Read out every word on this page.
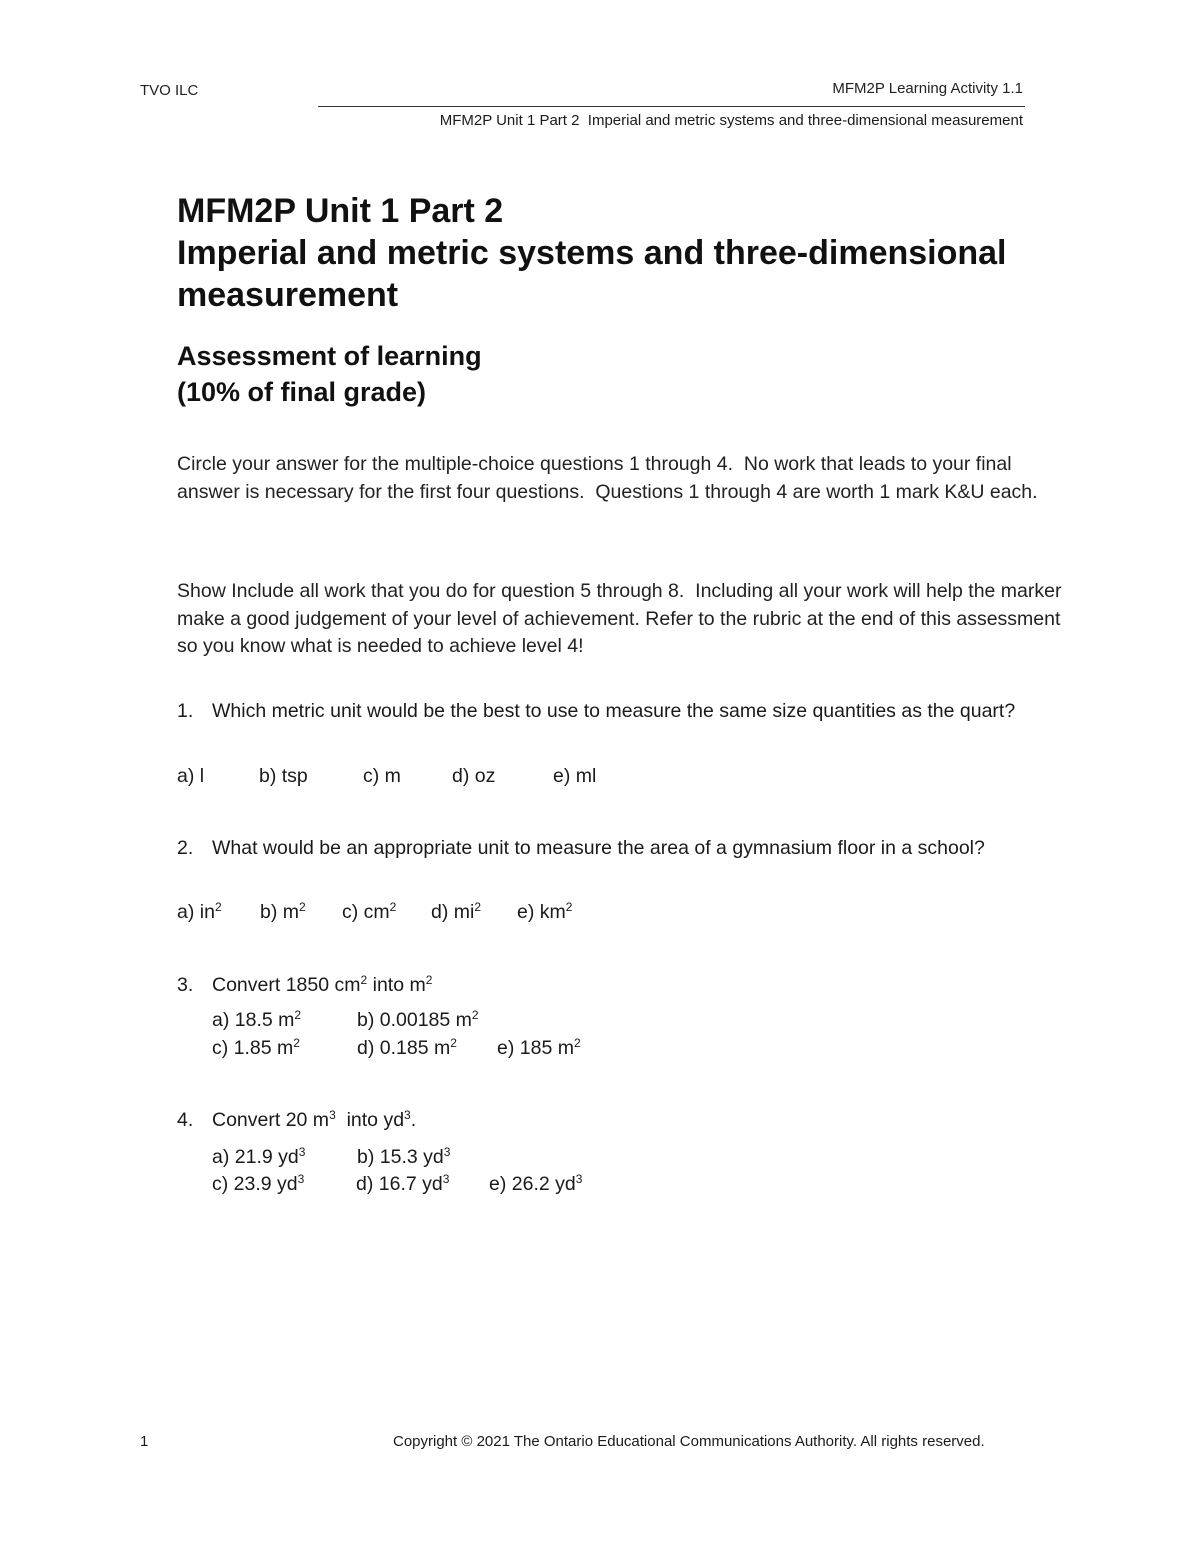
TVO ILC	MFM2P Learning Activity 1.1
MFM2P Unit 1 Part 2  Imperial and metric systems and three-dimensional measurement
MFM2P Unit 1 Part 2
Imperial and metric systems and three-dimensional
measurement
Assessment of learning
(10% of final grade)
Circle your answer for the multiple-choice questions 1 through 4.  No work that leads to your final answer is necessary for the first four questions.  Questions 1 through 4 are worth 1 mark K&U each.
Show Include all work that you do for question 5 through 8.  Including all your work will help the marker make a good judgement of your level of achievement. Refer to the rubric at the end of this assessment so you know what is needed to achieve level 4!
1. Which metric unit would be the best to use to measure the same size quantities as the quart?
a) l	b) tsp	c) m	d) oz	e) ml
2. What would be an appropriate unit to measure the area of a gymnasium floor in a school?
a) $in^2$ b) $m^2$ c) $cm^2$ d) $mi^2$ e) $km^2$
3. Convert 1850 $cm^2$ into $m^2$
a) 18.5 $m^2$	b) 0.00185 $m^2$
c) 1.85 $m^2$	d) 0.185 $m^2$ e) 185 $m^2$
4. Convert 20 $m^3$  into $yd^3$.
a) 21.9 $yd^3$	b) 15.3 $yd^3$
c) 23.9 $yd^3$	d) 16.7 $yd^3$ e) 26.2 $yd^3$
1	Copyright © 2021 The Ontario Educational Communications Authority. All rights reserved.
